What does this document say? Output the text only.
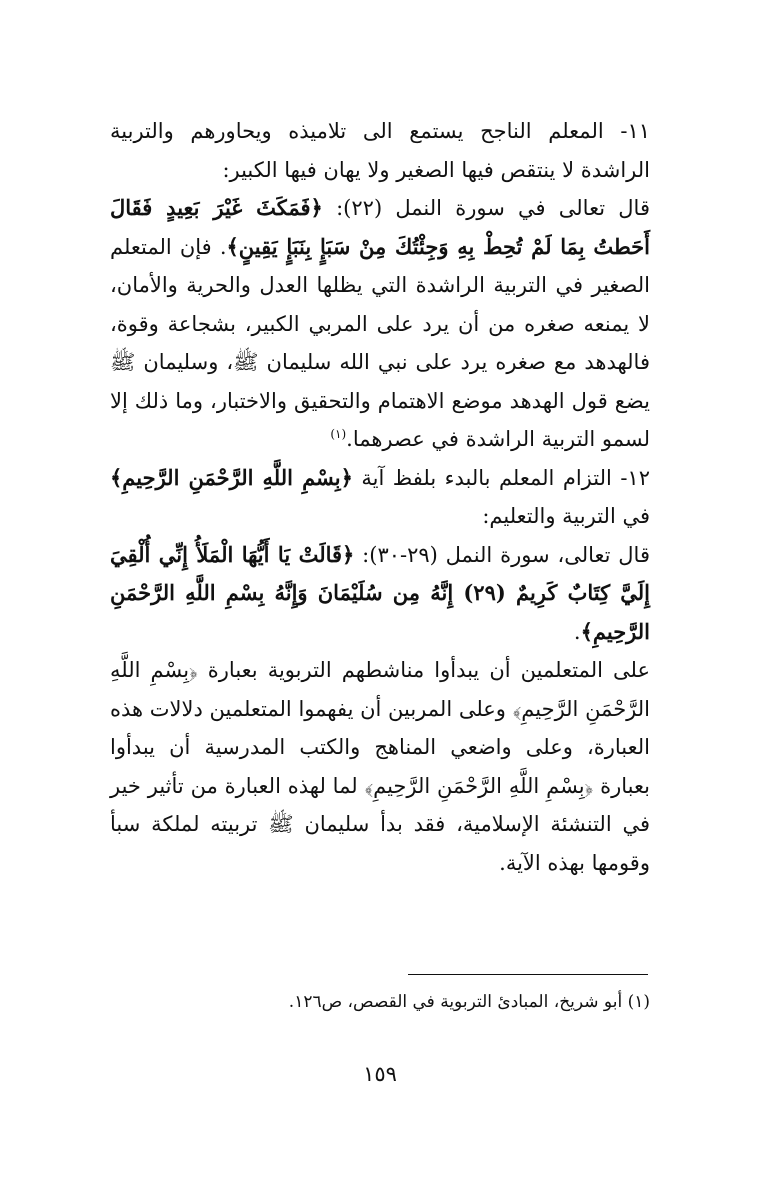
١١- المعلم الناجح يستمع الى تلاميذه ويحاورهم والتربية الراشدة لا ينتقص فيها الصغير ولا يهان فيها الكبير:

قال تعالى في سورة النمل (٢٢): ﴿فَمَكَثَ غَيْرَ بَعِيدٍ فَقَالَ أَحَطتُ بِمَا لَمْ تُحِطْ بِهِ وَجِئْتُكَ مِنْ سَبَإٍ بِنَبَإٍ يَقِينٍ﴾. فإن المتعلم الصغير في التربية الراشدة التي يظلها العدل والحرية والأمان، لا يمنعه صغره من أن يرد على المربي الكبير، بشجاعة وقوة، فالهدهد مع صغره يرد على نبي الله سليمان ﷺ، وسليمان ﷺ يضع قول الهدهد موضع الاهتمام والتحقيق والاختبار، وما ذلك إلا لسمو التربية الراشدة في عصرهما.$^{(١)}$

١٢- التزام المعلم بالبدء بلفظ آية ﴿بِسْمِ اللَّهِ الرَّحْمَنِ الرَّحِيمِ﴾ في التربية والتعليم:

قال تعالى، سورة النمل (٢٩-٣٠): ﴿قَالَتْ يَا أَيُّهَا الْمَلَأُ إِنِّي أُلْقِيَ إِلَيَّ كِتَابٌ كَرِيمٌ (٢٩) إِنَّهُ مِن سُلَيْمَانَ وَإِنَّهُ بِسْمِ اللَّهِ الرَّحْمَنِ الرَّحِيمِ﴾.

على المتعلمين أن يبدأوا مناشطهم التربوية بعبارة ﴿بِسْمِ اللَّهِ الرَّحْمَنِ الرَّحِيمِ﴾ وعلى المربين أن يفهموا المتعلمين دلالات هذه العبارة، وعلى واضعي المناهج والكتب المدرسية أن يبدأوا بعبارة ﴿بِسْمِ اللَّهِ الرَّحْمَنِ الرَّحِيمِ﴾ لما لهذه العبارة من تأثير خير في التنشئة الإسلامية، فقد بدأ سليمان ﷺ تربيته لملكة سبأ وقومها بهذه الآية.

(١) أبو شريخ، المبادئ التربوية في القصص، ص١٢٦.
١٥٩
